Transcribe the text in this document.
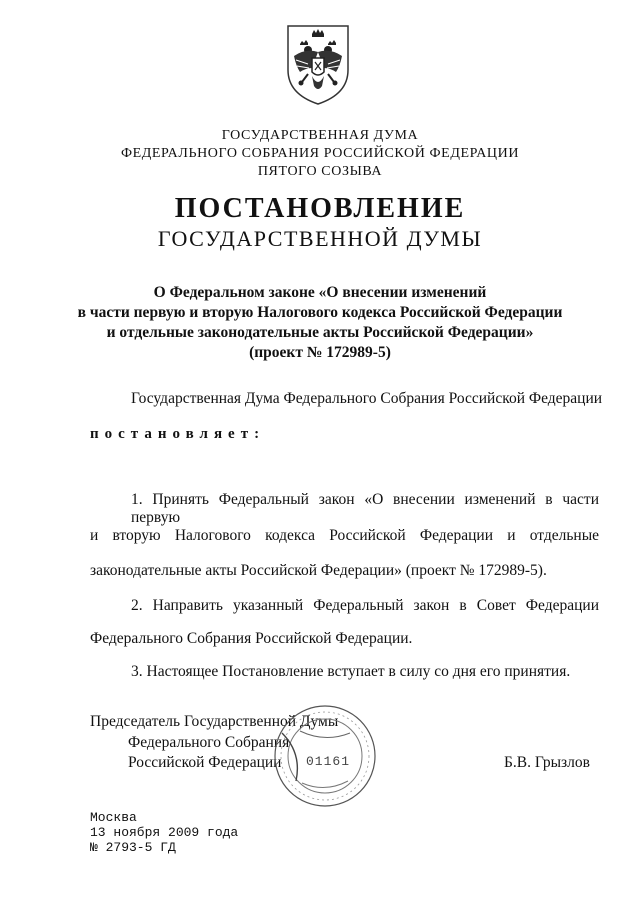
ГОСУДАРСТВЕННАЯ ДУМА
ФЕДЕРАЛЬНОГО СОБРАНИЯ РОССИЙСКОЙ ФЕДЕРАЦИИ
ПЯТОГО СОЗЫВА
ПОСТАНОВЛЕНИЕ
ГОСУДАРСТВЕННОЙ ДУМЫ
О Федеральном законе «О внесении изменений
в части первую и вторую Налогового кодекса Российской Федерации
и отдельные законодательные акты Российской Федерации»
(проект № 172989-5)
Государственная Дума Федерального Собрания Российской Федерации
постановляет:
1. Принять Федеральный закон «О внесении изменений в части первую
и вторую Налогового кодекса Российской Федерации и отдельные
законодательные акты Российской Федерации» (проект № 172989-5).
2. Направить указанный Федеральный закон в Совет Федерации
Федерального Собрания Российской Федерации.
3. Настоящее Постановление вступает в силу со дня его принятия.
Председатель Государственной Думы
Федерального Собрания
Российской Федерации	Б.В. Грызлов
01161
Москва
13 ноября 2009 года
№ 2793-5 ГД
